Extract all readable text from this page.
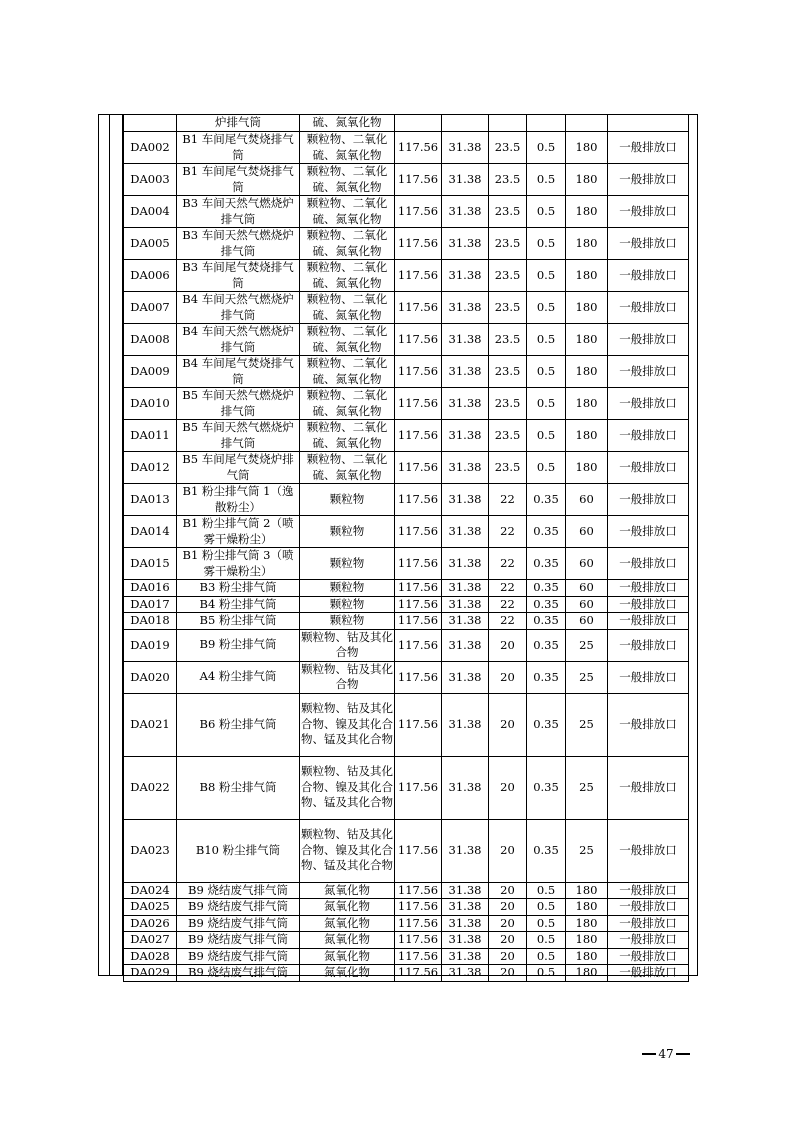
	炉排气筒	硫、氮氧化物						
DA002	B1 车间尾气焚烧排气筒	颗粒物、二氧化硫、氮氧化物	117.56	31.38	23.5	0.5	180	一般排放口
DA003	B1 车间尾气焚烧排气筒	颗粒物、二氧化硫、氮氧化物	117.56	31.38	23.5	0.5	180	一般排放口
DA004	B3 车间天然气燃烧炉排气筒	颗粒物、二氧化硫、氮氧化物	117.56	31.38	23.5	0.5	180	一般排放口
DA005	B3 车间天然气燃烧炉排气筒	颗粒物、二氧化硫、氮氧化物	117.56	31.38	23.5	0.5	180	一般排放口
DA006	B3 车间尾气焚烧排气筒	颗粒物、二氧化硫、氮氧化物	117.56	31.38	23.5	0.5	180	一般排放口
DA007	B4 车间天然气燃烧炉排气筒	颗粒物、二氧化硫、氮氧化物	117.56	31.38	23.5	0.5	180	一般排放口
DA008	B4 车间天然气燃烧炉排气筒	颗粒物、二氧化硫、氮氧化物	117.56	31.38	23.5	0.5	180	一般排放口
DA009	B4 车间尾气焚烧排气筒	颗粒物、二氧化硫、氮氧化物	117.56	31.38	23.5	0.5	180	一般排放口
DA010	B5 车间天然气燃烧炉排气筒	颗粒物、二氧化硫、氮氧化物	117.56	31.38	23.5	0.5	180	一般排放口
DA011	B5 车间天然气燃烧炉排气筒	颗粒物、二氧化硫、氮氧化物	117.56	31.38	23.5	0.5	180	一般排放口
DA012	B5 车间尾气焚烧炉排气筒	颗粒物、二氧化硫、氮氧化物	117.56	31.38	23.5	0.5	180	一般排放口
DA013	B1 粉尘排气筒 1（逸散粉尘）	颗粒物	117.56	31.38	22	0.35	60	一般排放口
DA014	B1 粉尘排气筒 2（喷雾干燥粉尘）	颗粒物	117.56	31.38	22	0.35	60	一般排放口
DA015	B1 粉尘排气筒 3（喷雾干燥粉尘）	颗粒物	117.56	31.38	22	0.35	60	一般排放口
DA016	B3 粉尘排气筒	颗粒物	117.56	31.38	22	0.35	60	一般排放口
DA017	B4 粉尘排气筒	颗粒物	117.56	31.38	22	0.35	60	一般排放口
DA018	B5 粉尘排气筒	颗粒物	117.56	31.38	22	0.35	60	一般排放口
DA019	B9 粉尘排气筒	颗粒物、钴及其化合物	117.56	31.38	20	0.35	25	一般排放口
DA020	A4 粉尘排气筒	颗粒物、钴及其化合物	117.56	31.38	20	0.35	25	一般排放口
DA021	B6 粉尘排气筒	颗粒物、钴及其化合物、镍及其化合物、锰及其化合物	117.56	31.38	20	0.35	25	一般排放口
DA022	B8 粉尘排气筒	颗粒物、钴及其化合物、镍及其化合物、锰及其化合物	117.56	31.38	20	0.35	25	一般排放口
DA023	B10 粉尘排气筒	颗粒物、钴及其化合物、镍及其化合物、锰及其化合物	117.56	31.38	20	0.35	25	一般排放口
DA024	B9 烧结废气排气筒	氮氧化物	117.56	31.38	20	0.5	180	一般排放口
DA025	B9 烧结废气排气筒	氮氧化物	117.56	31.38	20	0.5	180	一般排放口
DA026	B9 烧结废气排气筒	氮氧化物	117.56	31.38	20	0.5	180	一般排放口
DA027	B9 烧结废气排气筒	氮氧化物	117.56	31.38	20	0.5	180	一般排放口
DA028	B9 烧结废气排气筒	氮氧化物	117.56	31.38	20	0.5	180	一般排放口
DA029	B9 烧结废气排气筒	氮氧化物	117.56	31.38	20	0.5	180	一般排放口
47
